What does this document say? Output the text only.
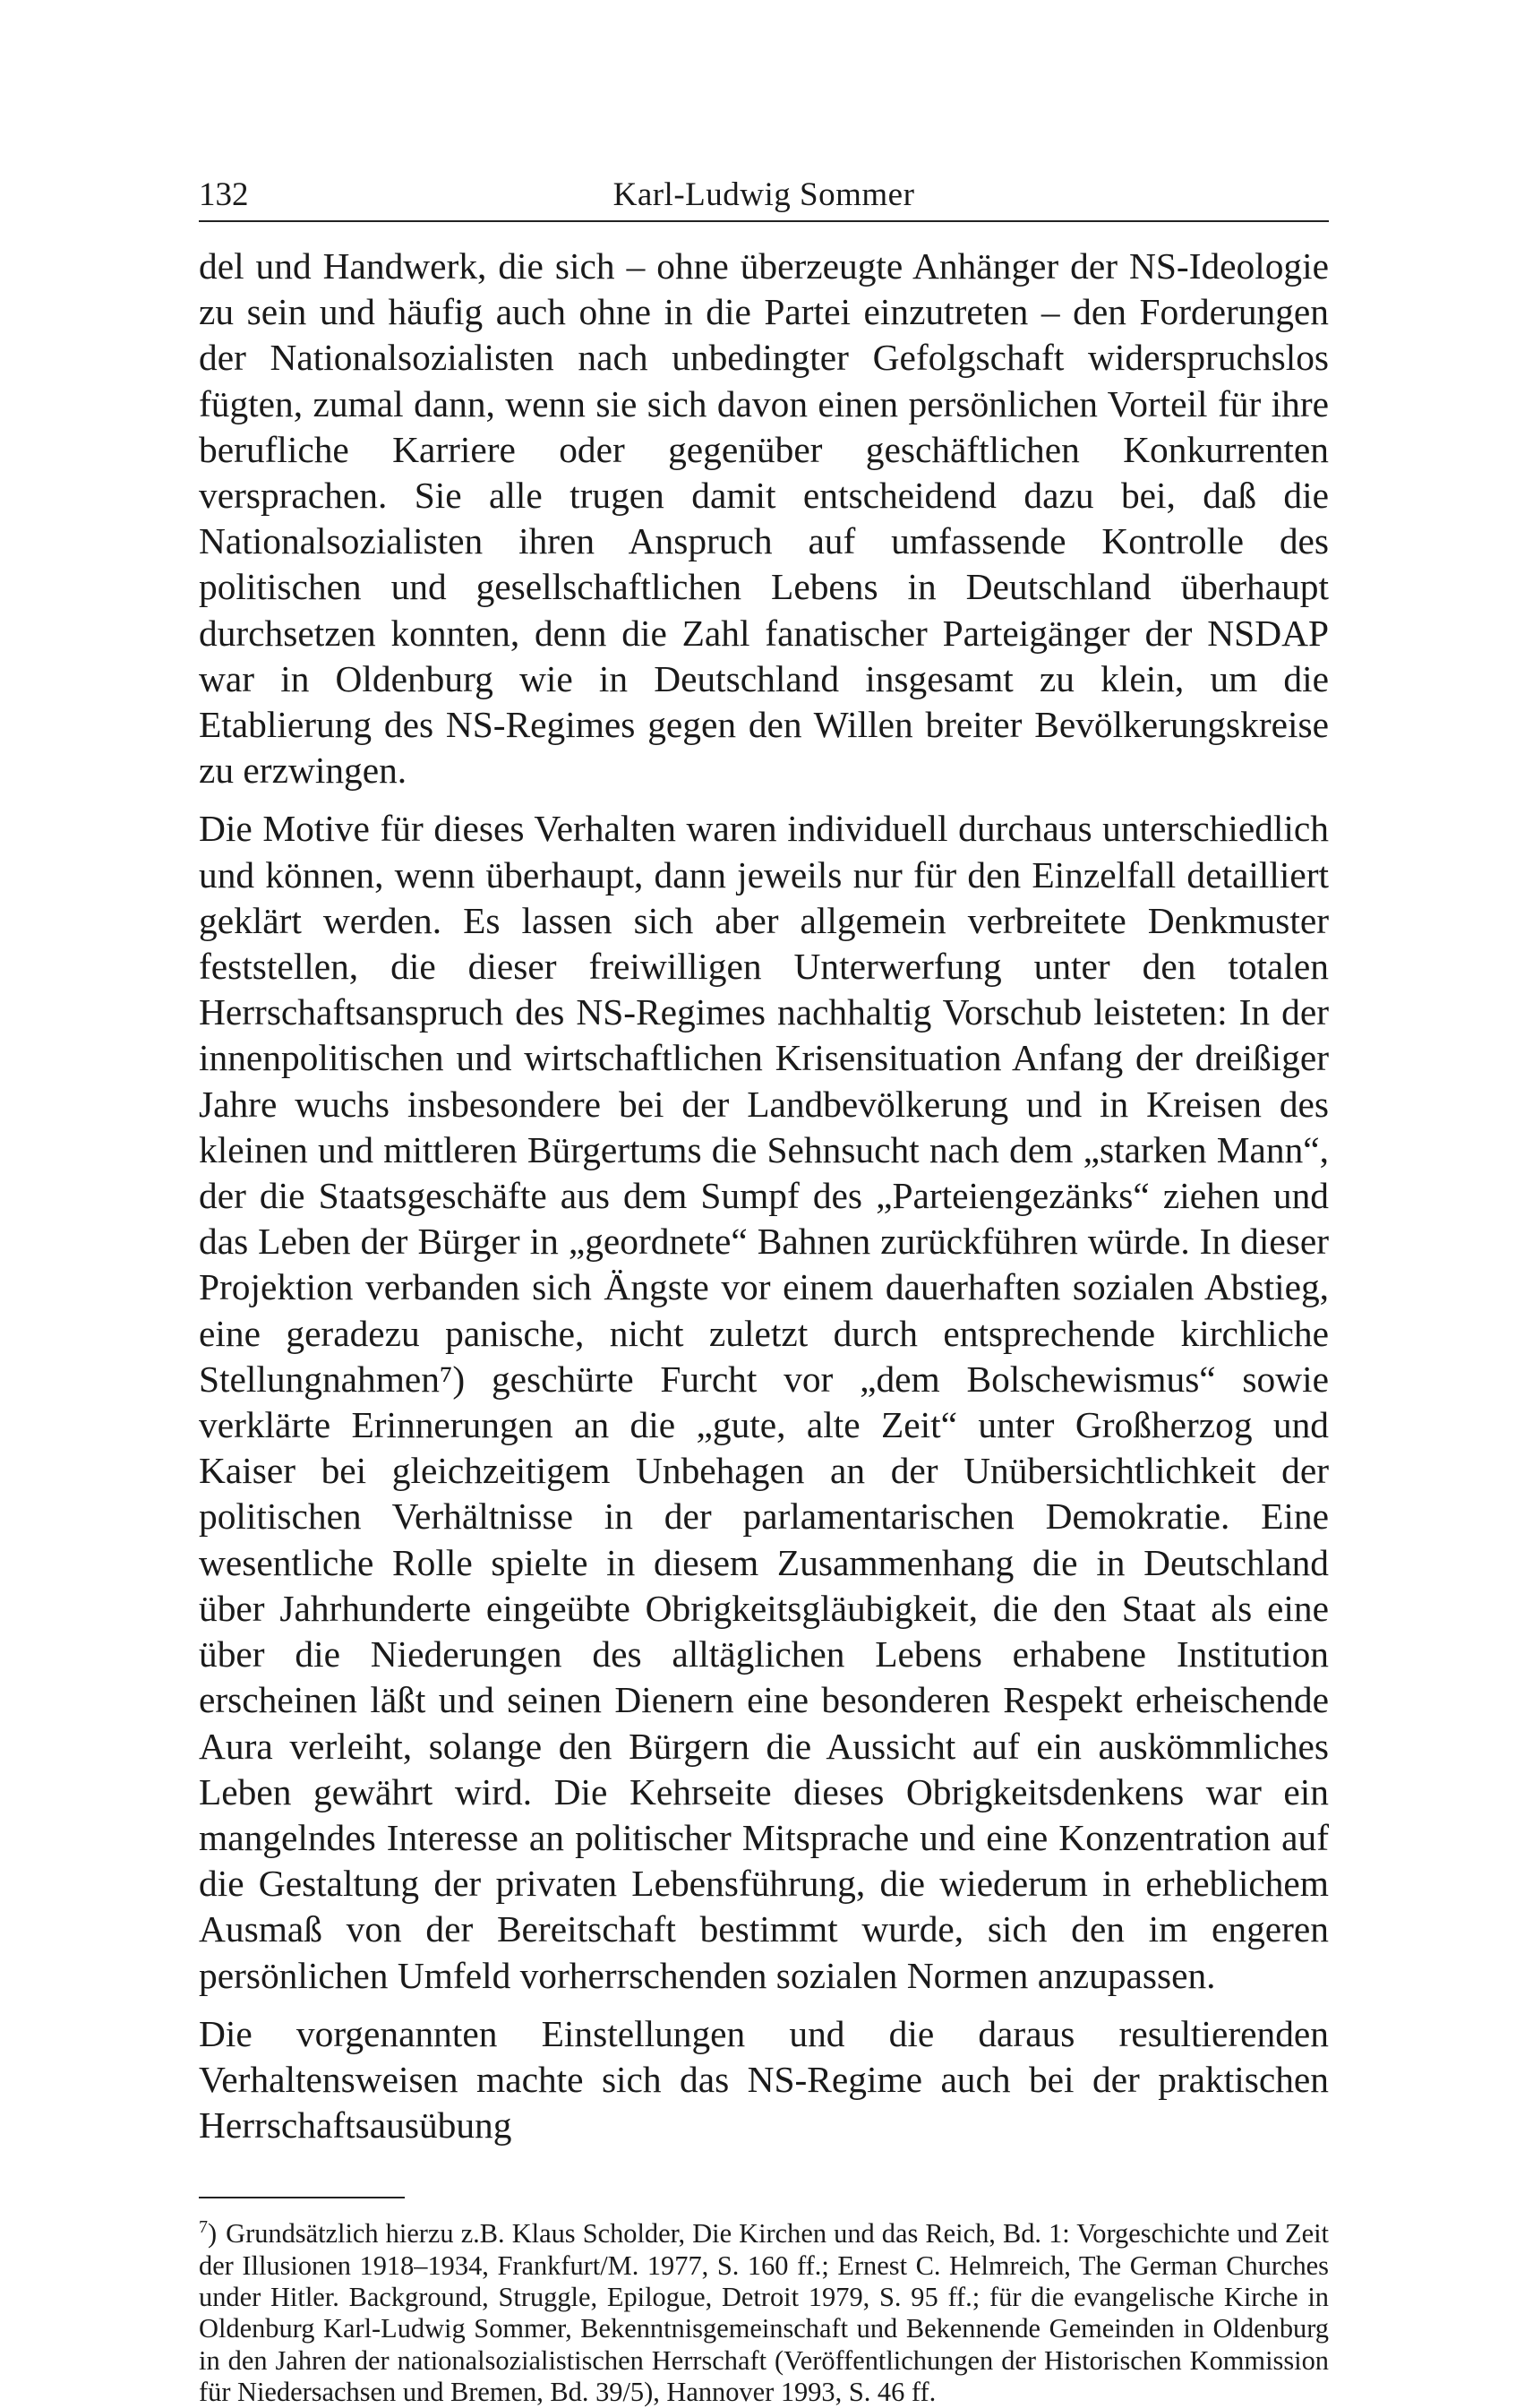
132	Karl-Ludwig Sommer

del und Handwerk, die sich – ohne überzeugte Anhänger der NS-Ideologie zu sein und häufig auch ohne in die Partei einzutreten – den Forderungen der Nationalsozialisten nach unbedingter Gefolgschaft widerspruchslos fügten, zumal dann, wenn sie sich davon einen persönlichen Vorteil für ihre berufliche Karriere oder gegenüber geschäftlichen Konkurrenten versprachen. Sie alle trugen damit entscheidend dazu bei, daß die Nationalsozialisten ihren Anspruch auf umfassende Kontrolle des politischen und gesellschaftlichen Lebens in Deutschland überhaupt durchsetzen konnten, denn die Zahl fanatischer Parteigänger der NSDAP war in Oldenburg wie in Deutschland insgesamt zu klein, um die Etablierung des NS-Regimes gegen den Willen breiter Bevölkerungskreise zu erzwingen.

Die Motive für dieses Verhalten waren individuell durchaus unterschiedlich und können, wenn überhaupt, dann jeweils nur für den Einzelfall detailliert geklärt werden. Es lassen sich aber allgemein verbreitete Denkmuster feststellen, die dieser freiwilligen Unterwerfung unter den totalen Herrschaftsanspruch des NS-Regimes nachhaltig Vorschub leisteten: In der innenpolitischen und wirtschaftlichen Krisensituation Anfang der dreißiger Jahre wuchs insbesondere bei der Landbevölkerung und in Kreisen des kleinen und mittleren Bürgertums die Sehnsucht nach dem „starken Mann“, der die Staatsgeschäfte aus dem Sumpf des „Parteiengezänks“ ziehen und das Leben der Bürger in „geordnete“ Bahnen zurückführen würde. In dieser Projektion verbanden sich Ängste vor einem dauerhaften sozialen Abstieg, eine geradezu panische, nicht zuletzt durch entsprechende kirchliche Stellungnahmen⁷) geschürte Furcht vor „dem Bolschewismus“ sowie verklärte Erinnerungen an die „gute, alte Zeit“ unter Großherzog und Kaiser bei gleichzeitigem Unbehagen an der Unübersichtlichkeit der politischen Verhältnisse in der parlamentarischen Demokratie. Eine wesentliche Rolle spielte in diesem Zusammenhang die in Deutschland über Jahrhunderte eingeübte Obrigkeitsgläubigkeit, die den Staat als eine über die Niederungen des alltäglichen Lebens erhabene Institution erscheinen läßt und seinen Dienern eine besonderen Respekt erheischende Aura verleiht, solange den Bürgern die Aussicht auf ein auskömmliches Leben gewährt wird. Die Kehrseite dieses Obrigkeitsdenkens war ein mangelndes Interesse an politischer Mitsprache und eine Konzentration auf die Gestaltung der privaten Lebensführung, die wiederum in erheblichem Ausmaß von der Bereitschaft bestimmt wurde, sich den im engeren persönlichen Umfeld vorherrschenden sozialen Normen anzupassen.

Die vorgenannten Einstellungen und die daraus resultierenden Verhaltensweisen machte sich das NS-Regime auch bei der praktischen Herrschaftsausübung

$^7$) Grundsätzlich hierzu z.B. Klaus Scholder, Die Kirchen und das Reich, Bd. 1: Vorgeschichte und Zeit der Illusionen 1918–1934, Frankfurt/M. 1977, S. 160 ff.; Ernest C. Helmreich, The German Churches under Hitler. Background, Struggle, Epilogue, Detroit 1979, S. 95 ff.; für die evangelische Kirche in Oldenburg Karl-Ludwig Sommer, Bekenntnisgemeinschaft und Bekennende Gemeinden in Oldenburg in den Jahren der nationalsozialistischen Herrschaft (Veröffentlichungen der Historischen Kommission für Niedersachsen und Bremen, Bd. 39/5), Hannover 1993, S. 46 ff.
